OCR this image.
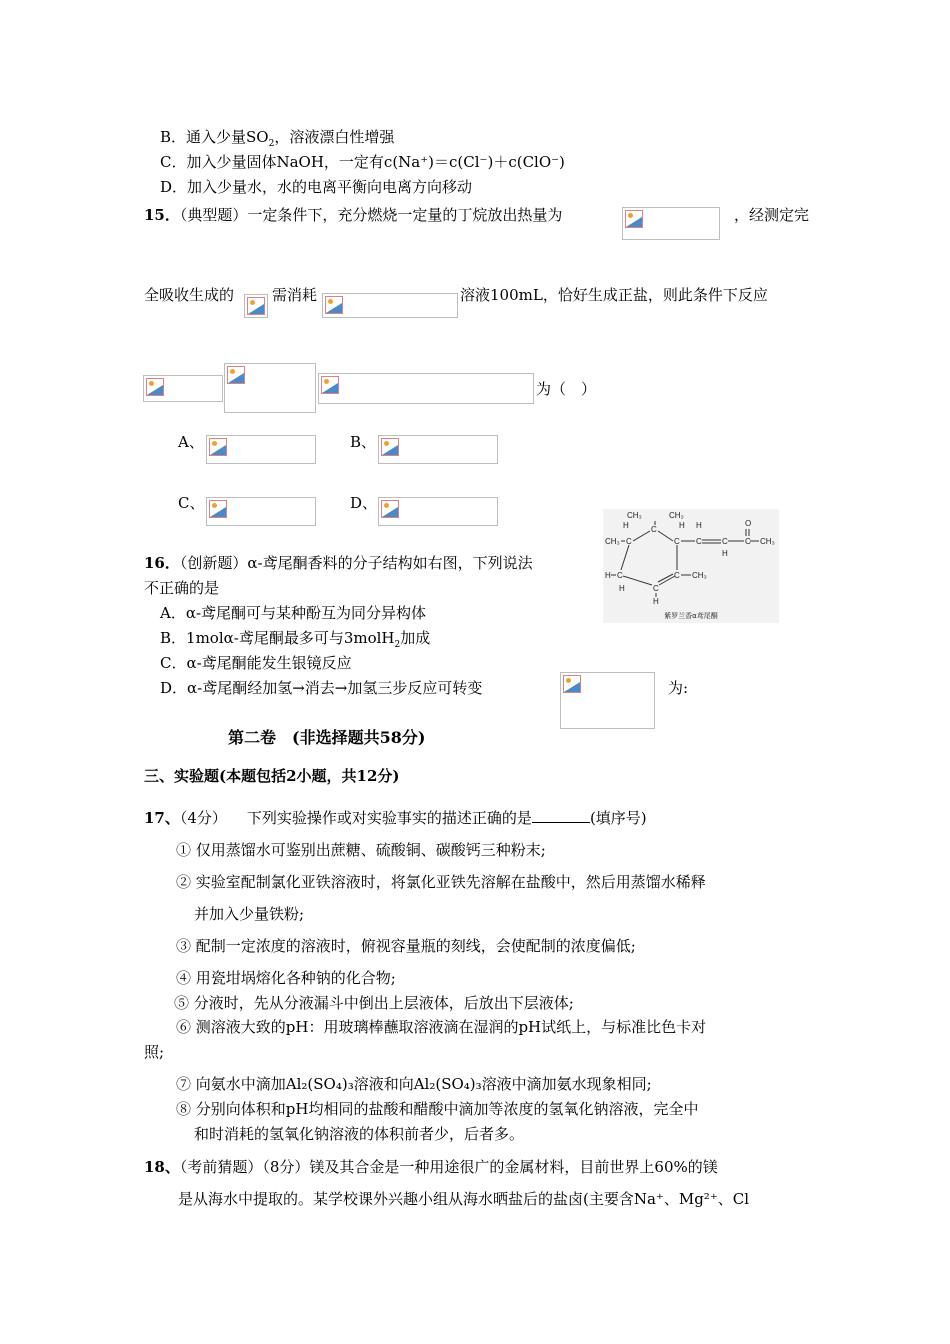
B．通入少量$SO_2$，溶液漂白性增强
C．加入少量固体NaOH，一定有c(Na⁺)＝c(Cl⁻)＋c(ClO⁻)
D．加入少量水，水的电离平衡向电离方向移动
15．（典型题）一定条件下，充分燃烧一定量的丁烷放出热量为	，经测定完
全吸收生成的	需消耗	溶液100mL，恰好生成正盐，则此条件下反应
为（　）
A、	B、
C、	D、
CH₃	CH₃
H	H
CH₃ C
C
C C	C C CH₃
H
H
O
H C
C
C CH₃
H
H
紫罗兰香α鸢尾酮
16．（创新题）α-鸢尾酮香料的分子结构如右图，下列说法
不正确的是
A．α-鸢尾酮可与某种酚互为同分异构体
B．1molα-鸢尾酮最多可与3molH$_2$加成
C．α-鸢尾酮能发生银镜反应
D．α-鸢尾酮经加氢→消去→加氢三步反应可转变	为:
第二卷　(非选择题共58分)
三、实验题(本题包括2小题，共12分)
17、（4分） 下列实验操作或对实验事实的描述正确的是	(填序号)
① 仅用蒸馏水可鉴别出蔗糖、硫酸铜、碳酸钙三种粉末;
② 实验室配制氯化亚铁溶液时，将氯化亚铁先溶解在盐酸中，然后用蒸馏水稀释
并加入少量铁粉;
③ 配制一定浓度的溶液时，俯视容量瓶的刻线，会使配制的浓度偏低;
④ 用瓷坩埚熔化各种钠的化合物;
⑤ 分液时，先从分液漏斗中倒出上层液体，后放出下层液体;
⑥ 测溶液大致的pH：用玻璃棒蘸取溶液滴在湿润的pH试纸上，与标准比色卡对
照;
⑦ 向氨水中滴加Al₂(SO₄)₃溶液和向Al₂(SO₄)₃溶液中滴加氨水现象相同;
⑧ 分别向体积和pH均相同的盐酸和醋酸中滴加等浓度的氢氧化钠溶液，完全中
和时消耗的氢氧化钠溶液的体积前者少，后者多。
18、（考前猜题）（8分）镁及其合金是一种用途很广的金属材料，目前世界上60%的镁
是从海水中提取的。某学校课外兴趣小组从海水晒盐后的盐卤(主要含Na⁺、Mg²⁺、Cl
